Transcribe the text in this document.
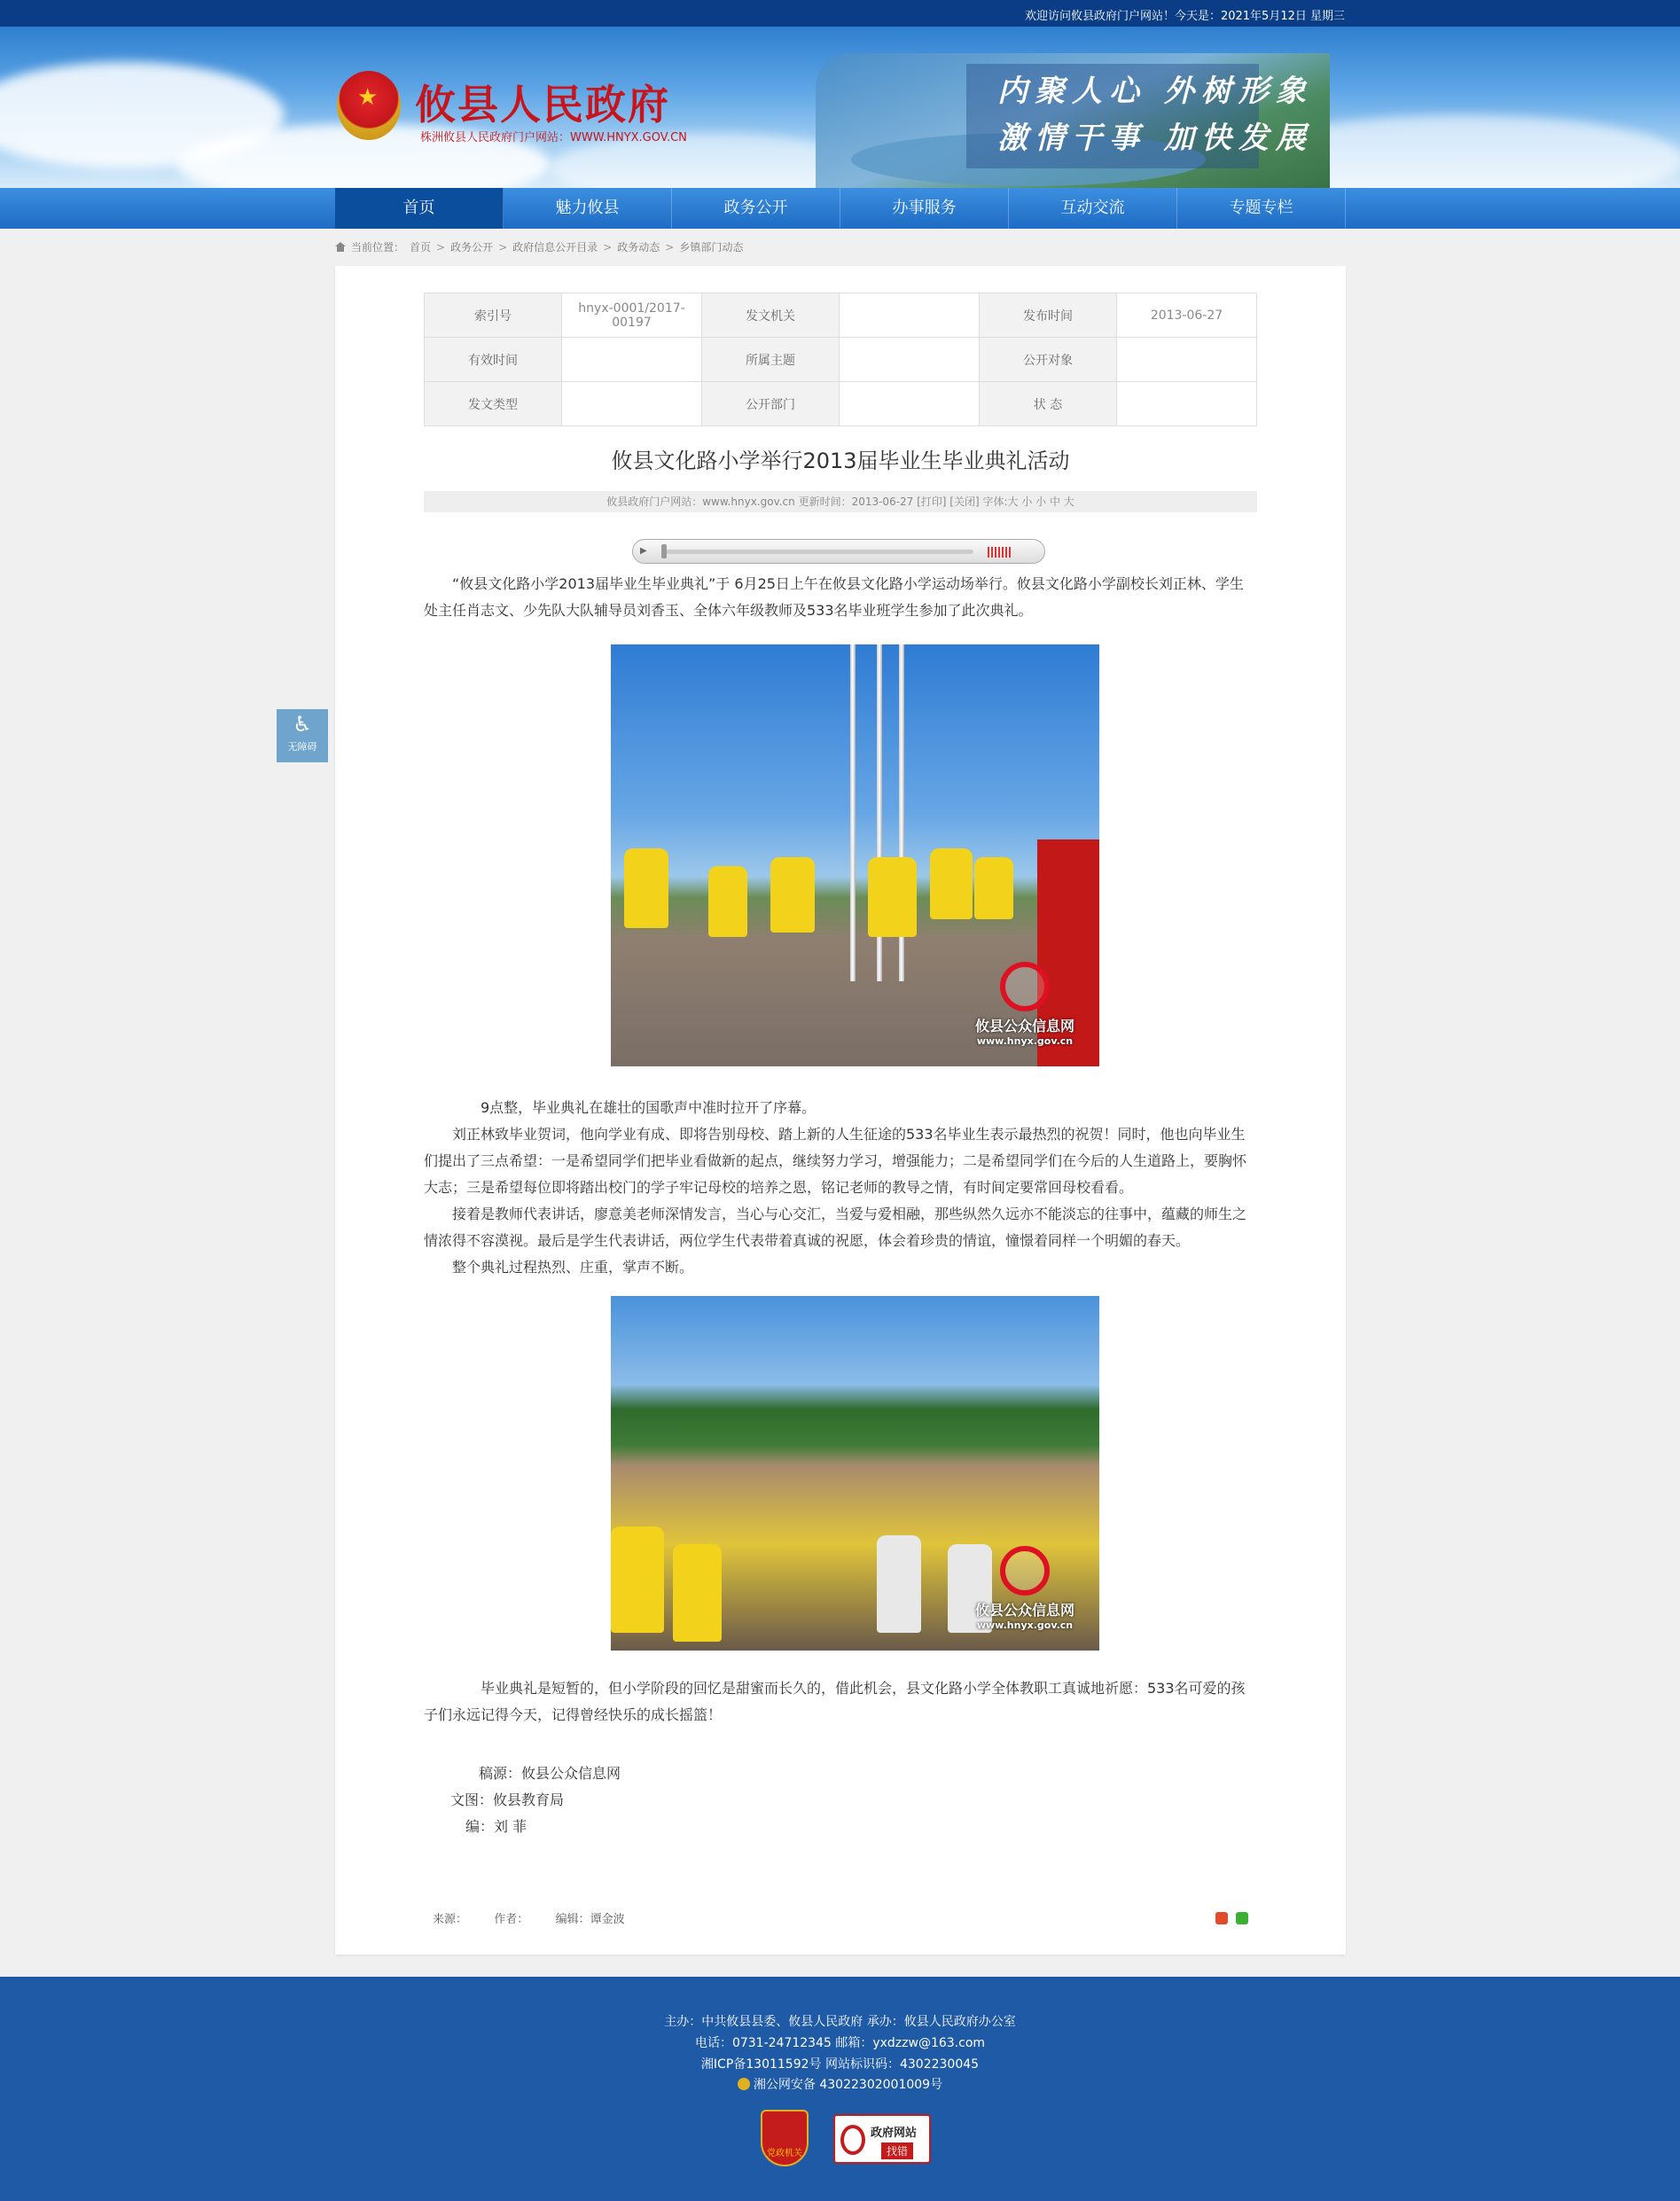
欢迎访问攸县政府门户网站！今天是：2021年5月12日 星期三
内聚人心 外树形象
激情干事 加快发展
★ 攸县人民政府
株洲攸县人民政府门户网站：WWW.HNYX.GOV.CN
首页	魅力攸县	政务公开	办事服务	互动交流	专题专栏
当前位置： 首页 > 政务公开 > 政府信息公开目录 > 政务动态 > 乡镇部门动态
♿
无障碍
索引号	hnyx-0001/2017-00197	发文机关		发布时间	2013-06-27
有效时间		所属主题		公开对象	
发文类型		公开部门		状 态	
攸县文化路小学举行2013届毕业生毕业典礼活动
攸县政府门户网站：www.hnyx.gov.cn 更新时间：2013-06-27 [打印] [关闭] 字体:大 小 小 中 大
▶
“攸县文化路小学2013届毕业生毕业典礼”于 6月25日上午在攸县文化路小学运动场举行。攸县文化路小学副校长刘正林、学生处主任肖志文、少先队大队辅导员刘香玉、全体六年级教师及533名毕业班学生参加了此次典礼。
攸县公众信息网
www.hnyx.gov.cn
9点整，毕业典礼在雄壮的国歌声中准时拉开了序幕。
刘正林致毕业贺词，他向学业有成、即将告别母校、踏上新的人生征途的533名毕业生表示最热烈的祝贺！同时，他也向毕业生们提出了三点希望：一是希望同学们把毕业看做新的起点，继续努力学习，增强能力；二是希望同学们在今后的人生道路上，要胸怀大志；三是希望每位即将踏出校门的学子牢记母校的培养之恩，铭记老师的教导之情，有时间定要常回母校看看。
接着是教师代表讲话，廖意美老师深情发言，当心与心交汇，当爱与爱相融，那些纵然久远亦不能淡忘的往事中，蕴藏的师生之情浓得不容漠视。最后是学生代表讲话，两位学生代表带着真诚的祝愿，体会着珍贵的情谊，憧憬着同样一个明媚的春天。
整个典礼过程热烈、庄重，掌声不断。
攸县公众信息网
www.hnyx.gov.cn
毕业典礼是短暂的，但小学阶段的回忆是甜蜜而长久的，借此机会，县文化路小学全体教职工真诚地祈愿：533名可爱的孩子们永远记得今天，记得曾经快乐的成长摇篮！
稿源：攸县公众信息网
文图：攸县教育局
编：刘 菲
来源： 作者： 编辑：谭金波
主办：中共攸县县委、攸县人民政府 承办：攸县人民政府办公室
电话：0731-24712345 邮箱：yxdzzw@163.com
湘ICP备13011592号 网站标识码：4302230045
湘公网安备 43022302001009号
党政机关
政府网站
找错
